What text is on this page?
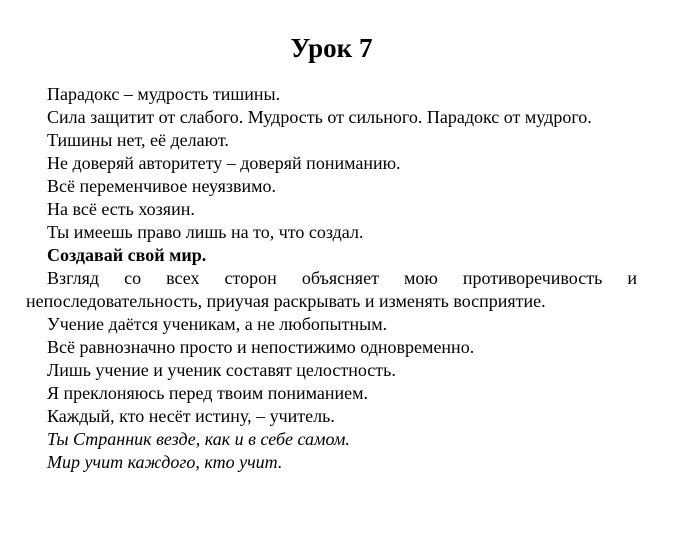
Урок 7

Парадокс – мудрость тишины.

Сила защитит от слабого. Мудрость от сильного. Парадокс от мудрого.

Тишины нет, её делают.

Не доверяй авторитету – доверяй пониманию.

Всё переменчивое неуязвимо.

На всё есть хозяин.

Ты имеешь право лишь на то, что создал.

Создавай свой мир.

Взгляд со всех сторон объясняет мою противоречивость и непоследовательность, приучая раскрывать и изменять восприятие.

Учение даётся ученикам, а не любопытным.

Всё равнозначно просто и непостижимо одновременно.

Лишь учение и ученик составят целостность.

Я преклоняюсь перед твоим пониманием.

Каждый, кто несёт истину, – учитель.

Ты Странник везде, как и в себе самом.

Мир учит каждого, кто учит.
